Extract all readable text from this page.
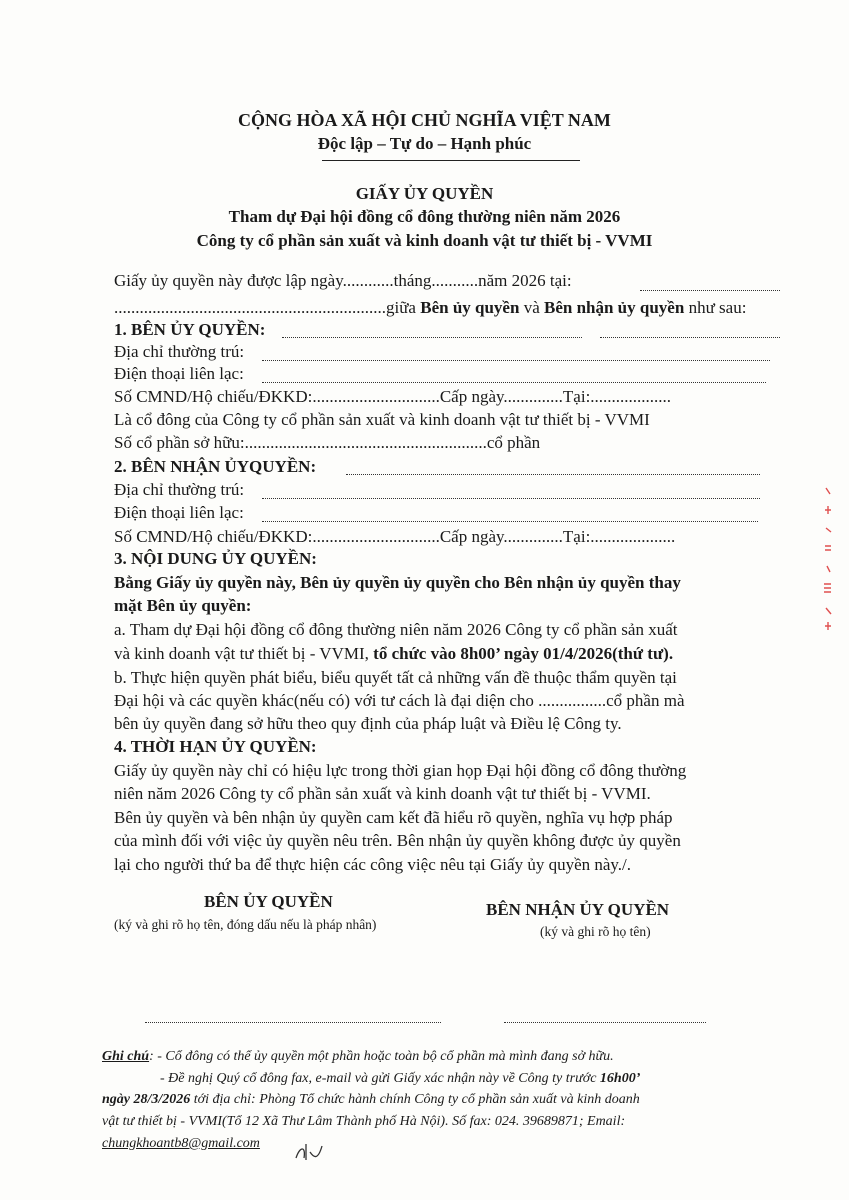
CỘNG HÒA XÃ HỘI CHỦ NGHĨA VIỆT NAM
Độc lập – Tự do – Hạnh phúc
GIẤY ỦY QUYỀN
Tham dự Đại hội đồng cổ đông thường niên năm 2026
Công ty cổ phần sản xuất và kinh doanh vật tư thiết bị - VVMI
Giấy ủy quyền này được lập ngày............tháng...........năm 2026 tại:
................................................................giữa Bên ủy quyền và Bên nhận ủy quyền như sau:
1. BÊN ỦY QUYỀN:
Địa chỉ thường trú:
Điện thoại liên lạc:
Số CMND/Hộ chiếu/ĐKKD:..............................Cấp ngày..............Tại:...................
Là cổ đông của Công ty cổ phần sản xuất và kinh doanh vật tư thiết bị - VVMI
Số cổ phần sở hữu:.........................................................cổ phần
2. BÊN NHẬN ỦYQUYỀN:
Địa chỉ thường trú:
Điện thoại liên lạc:
Số CMND/Hộ chiếu/ĐKKD:..............................Cấp ngày..............Tại:....................
3. NỘI DUNG ỦY QUYỀN:
Bằng Giấy ủy quyền này, Bên ủy quyền ủy quyền cho Bên nhận ủy quyền thay
mặt Bên ủy quyền:
a. Tham dự Đại hội đồng cổ đông thường niên năm 2026 Công ty cổ phần sản xuất
và kinh doanh vật tư thiết bị - VVMI, tổ chức vào 8h00’ ngày 01/4/2026(thứ tư).
b. Thực hiện quyền phát biểu, biểu quyết tất cả những vấn đề thuộc thẩm quyền tại
Đại hội và các quyền khác(nếu có) với tư cách là đại diện cho ................cổ phần mà
bên ủy quyền đang sở hữu theo quy định của pháp luật và Điều lệ Công ty.
4. THỜI HẠN ỦY QUYỀN:
Giấy ủy quyền này chỉ có hiệu lực trong thời gian họp Đại hội đồng cổ đông thường
niên năm 2026 Công ty cổ phần sản xuất và kinh doanh vật tư thiết bị - VVMI.
Bên ủy quyền và bên nhận ủy quyền cam kết đã hiểu rõ quyền, nghĩa vụ hợp pháp
của mình đối với việc ủy quyền nêu trên. Bên nhận ủy quyền không được ủy quyền
lại cho người thứ ba để thực hiện các công việc nêu tại Giấy ủy quyền này./.
BÊN ỦY QUYỀN
(ký và ghi rõ họ tên, đóng dấu nếu là pháp nhân)
BÊN NHẬN ỦY QUYỀN
(ký và ghi rõ họ tên)
Ghi chú: - Cổ đông có thể ủy quyền một phần hoặc toàn bộ cổ phần mà mình đang sở hữu.
- Đề nghị Quý cổ đông fax, e-mail và gửi Giấy xác nhận này về Công ty trước 16h00’
ngày 28/3/2026 tới địa chỉ: Phòng Tổ chức hành chính Công ty cổ phần sản xuất và kinh doanh
vật tư thiết bị - VVMI(Tổ 12 Xã Thư Lâm Thành phố Hà Nội). Số fax: 024. 39689871; Email:
chungkhoantb8@gmail.com
